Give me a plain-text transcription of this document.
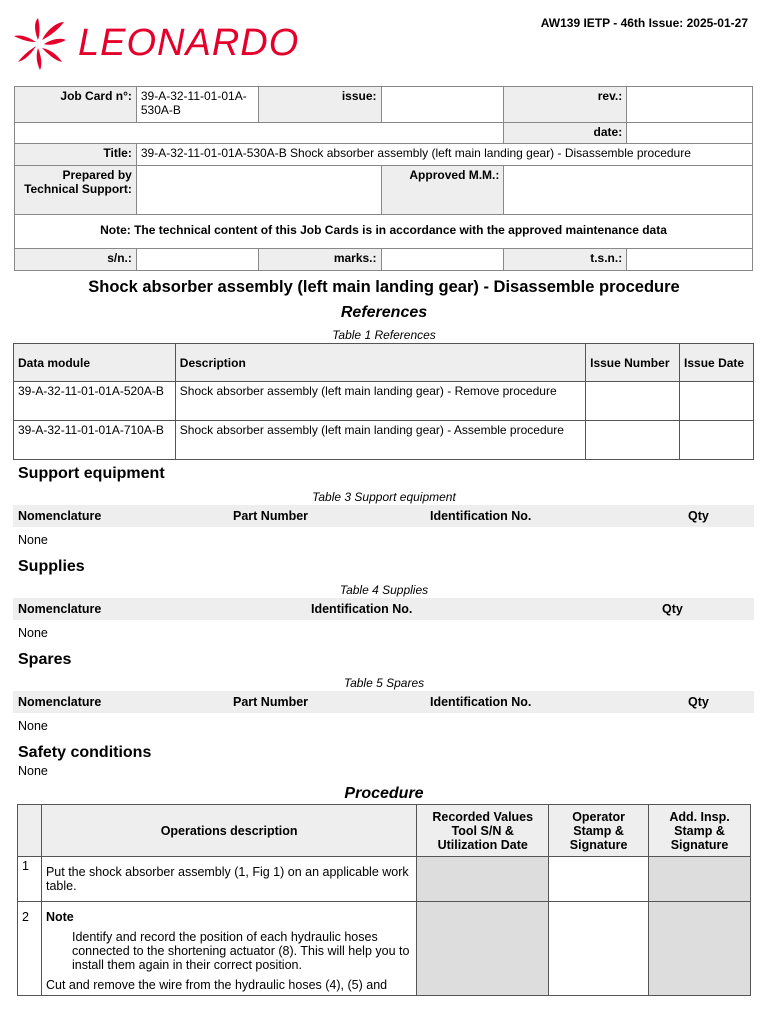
LEONARDO	AW139 IETP - 46th Issue: 2025-01-27
Job Card n°:	39-A-32-11-01-01A-530A-B	issue:		rev.:	
				date:	
Title:	39-A-32-11-01-01A-530A-B Shock absorber assembly (left main landing gear) - Disassemble procedure				
Prepared by Technical Support:			Approved M.M.:		
Note: The technical content of this Job Cards is in accordance with the approved maintenance data					
s/n.:		marks.:		t.s.n.:	
Shock absorber assembly (left main landing gear) - Disassemble procedure
References
Table 1 References
Data module	Description	Issue Number	Issue Date
39-A-32-11-01-01A-520A-B	Shock absorber assembly (left main landing gear) - Remove procedure		
39-A-32-11-01-01A-710A-B	Shock absorber assembly (left main landing gear) - Assemble procedure		
Support equipment
Table 3 Support equipment
Nomenclature	Part Number	Identification No.	Qty
None
Supplies
Table 4 Supplies
Nomenclature	Identification No.	Qty
None
Spares
Table 5 Spares
Nomenclature	Part Number	Identification No.	Qty
None
Safety conditions
None
Procedure
	Operations description	Recorded Values Tool S/N & Utilization Date	Operator Stamp & Signature	Add. Insp. Stamp & Signature
1	Put the shock absorber assembly (1, Fig 1) on an applicable work table.			
2	Note
Identify and record the position of each hydraulic hoses connected to the shortening actuator (8). This will help you to install them again in their correct position.
Cut and remove the wire from the hydraulic hoses (4), (5) and			
